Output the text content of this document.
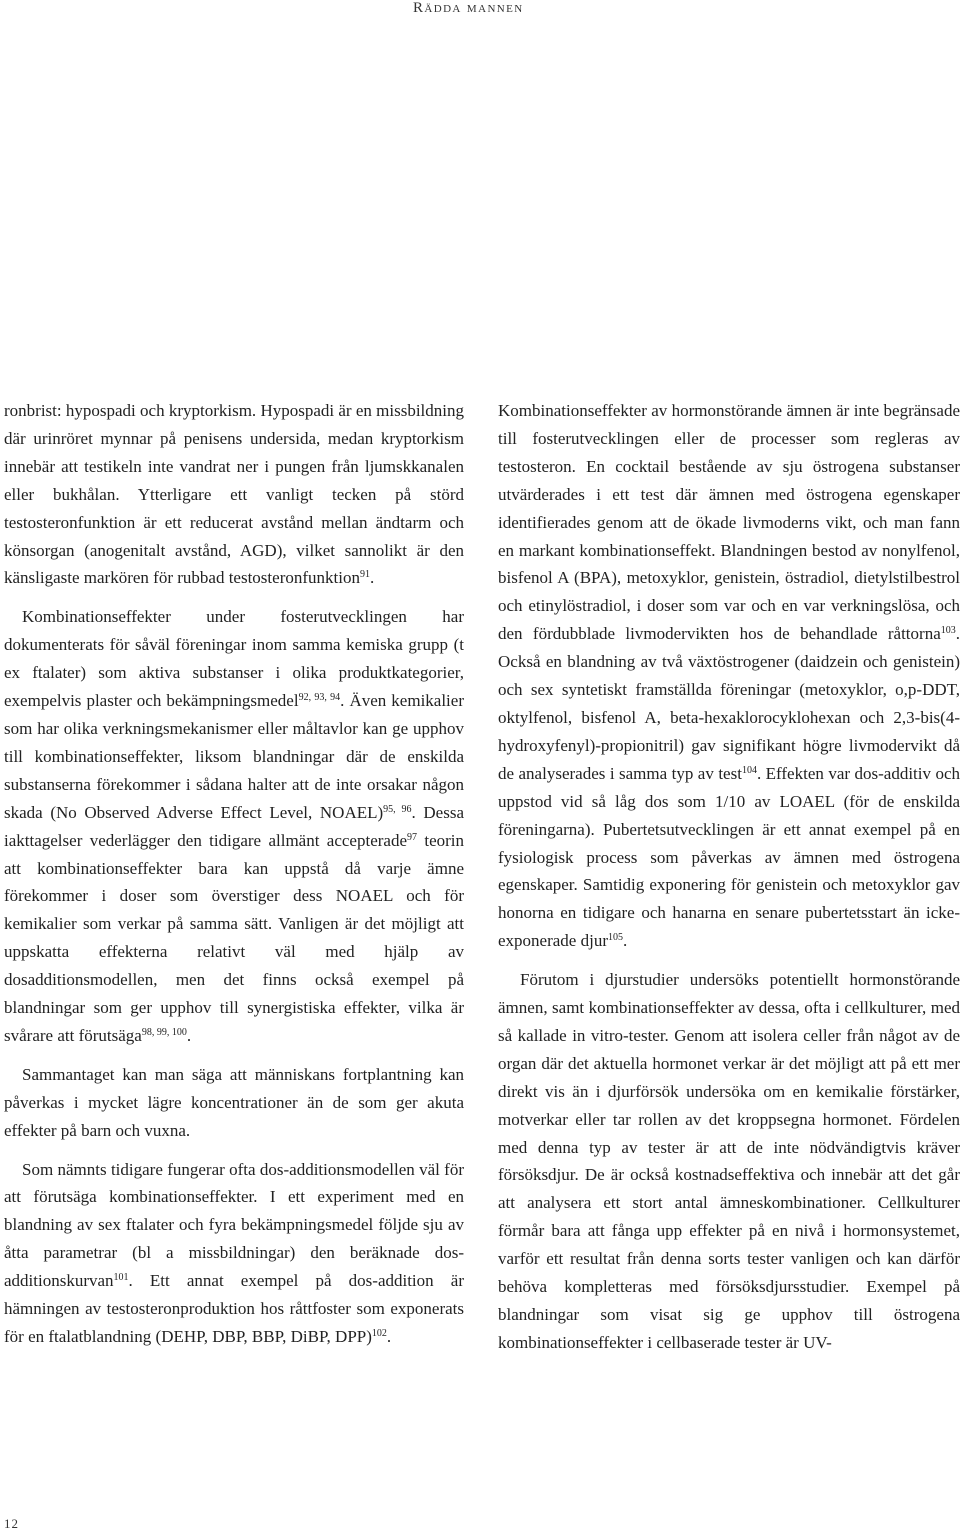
Rädda mannen

ronbrist: hypospadi och kryptorkism. Hypospadi är en missbildning där urinröret mynnar på penisens undersida, medan kryptorkism innebär att testikeln inte vandrat ner i pungen från ljumskkanalen eller bukhålan. Ytterligare ett vanligt tecken på störd testosteronfunktion är ett reducerat avstånd mellan ändtarm och könsorgan (anogenitalt avstånd, AGD), vilket sannolikt är den känsligaste markören för rubbad testosteronfunktion$^{91}$.

Kombinationseffekter under fosterutvecklingen har dokumenterats för såväl föreningar inom samma kemiska grupp (t ex ftalater) som aktiva substanser i olika produktkategorier, exempelvis plaster och bekämpningsmedel$^{92, 93, 94}$. Även kemikalier som har olika verkningsmekanismer eller måltavlor kan ge upphov till kombinationseffekter, liksom blandningar där de enskilda substanserna förekommer i sådana halter att de inte orsakar någon skada (No Observed Adverse Effect Level, NOAEL)$^{95, 96}$. Dessa iakttagelser vederlägger den tidigare allmänt accepterade$^{97}$ teorin att kombinationseffekter bara kan uppstå då varje ämne förekommer i doser som överstiger dess NOAEL och för kemikalier som verkar på samma sätt. Vanligen är det möjligt att uppskatta effekterna relativt väl med hjälp av dosadditionsmodellen, men det finns också exempel på blandningar som ger upphov till synergistiska effekter, vilka är svårare att förutsäga$^{98, 99, 100}$.

Sammantaget kan man säga att människans fortplantning kan påverkas i mycket lägre koncentrationer än de som ger akuta effekter på barn och vuxna.

Som nämnts tidigare fungerar ofta dos-additionsmodellen väl för att förutsäga kombinationseffekter. I ett experiment med en blandning av sex ftalater och fyra bekämpningsmedel följde sju av åtta parametrar (bl a missbildningar) den beräknade dos-additionskurvan$^{101}$. Ett annat exempel på dos-addition är hämningen av testosteronproduktion hos råttfoster som exponerats för en ftalatblandning (DEHP, DBP, BBP, DiBP, DPP)$^{102}$.

Kombinationseffekter av hormonstörande ämnen är inte begränsade till fosterutvecklingen eller de processer som regleras av testosteron. En cocktail bestående av sju östrogena substanser utvärderades i ett test där ämnen med östrogena egenskaper identifierades genom att de ökade livmoderns vikt, och man fann en markant kombinationseffekt. Blandningen bestod av nonylfenol, bisfenol A (BPA), metoxyklor, genistein, östradiol, dietylstilbestrol och etinylöstradiol, i doser som var och en var verkningslösa, och den fördubblade livmodervikten hos de behandlade råttorna$^{103}$. Också en blandning av två växtöstrogener (daidzein och genistein) och sex syntetiskt framställda föreningar (metoxyklor, o,p-DDT, oktylfenol, bisfenol A, beta-hexaklorocyklohexan och 2,3-bis(4-hydroxyfenyl)-propionitril) gav signifikant högre livmodervikt då de analyserades i samma typ av test$^{104}$. Effekten var dos-additiv och uppstod vid så låg dos som 1/10 av LOAEL (för de enskilda föreningarna). Pubertetsutvecklingen är ett annat exempel på en fysiologisk process som påverkas av ämnen med östrogena egenskaper. Samtidig exponering för genistein och metoxyklor gav honorna en tidigare och hanarna en senare pubertetsstart än icke-exponerade djur$^{105}$.

Förutom i djurstudier undersöks potentiellt hormonstörande ämnen, samt kombinationseffekter av dessa, ofta i cellkulturer, med så kallade in vitro-tester. Genom att isolera celler från något av de organ där det aktuella hormonet verkar är det möjligt att på ett mer direkt vis än i djurförsök undersöka om en kemikalie förstärker, motverkar eller tar rollen av det kroppsegna hormonet. Fördelen med denna typ av tester är att de inte nödvändigtvis kräver försöksdjur. De är också kostnadseffektiva och innebär att det går att analysera ett stort antal ämneskombinationer. Cellkulturer förmår bara att fånga upp effekter på en nivå i hormonsystemet, varför ett resultat från denna sorts tester vanligen och kan därför behöva kompletteras med försöksdjursstudier. Exempel på blandningar som visat sig ge upphov till östrogena kombinationseffekter i cellbaserade tester är UV-

12
